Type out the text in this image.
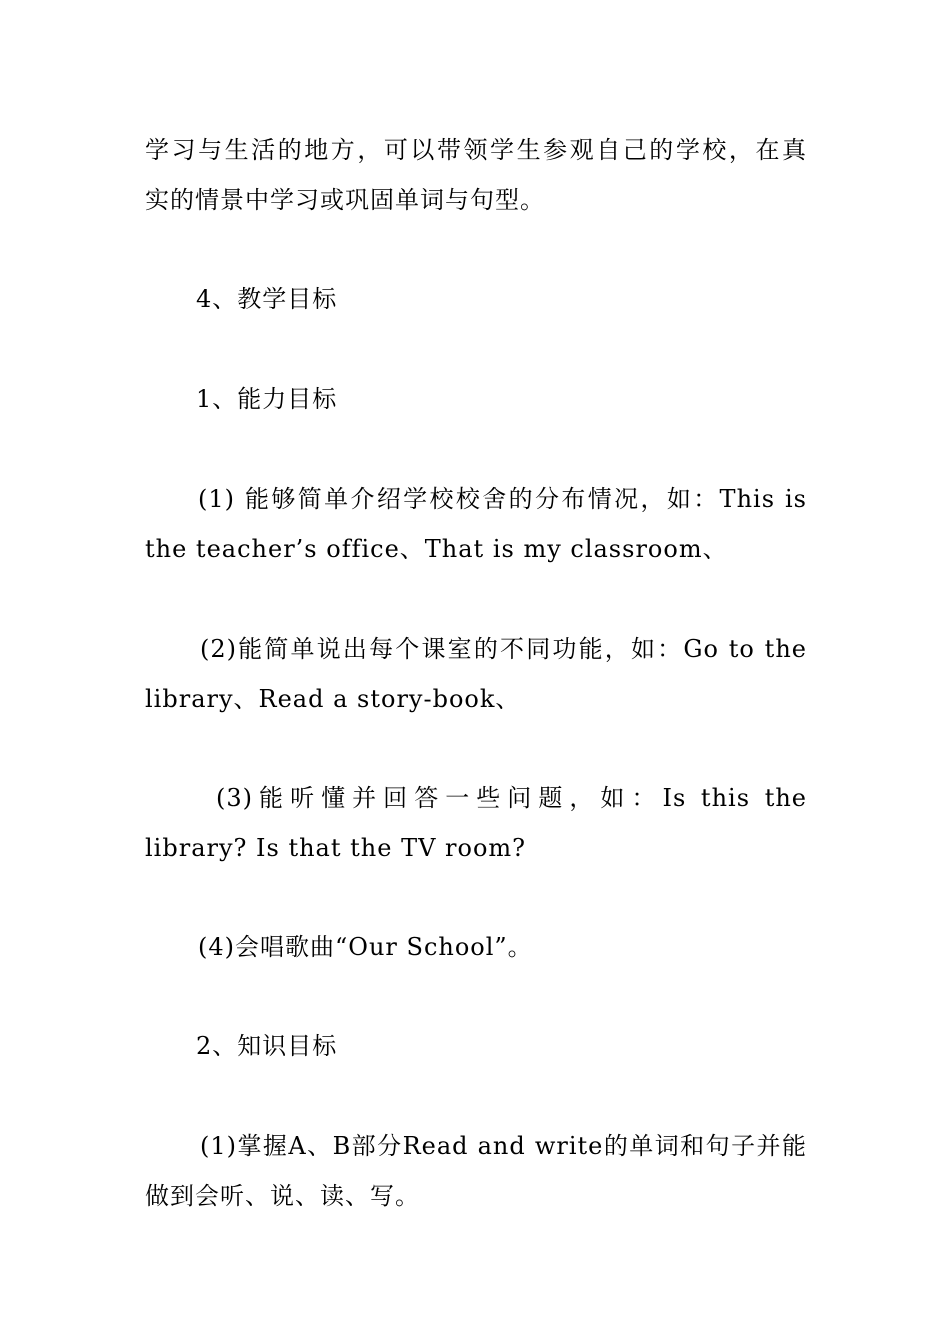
学习与生活的地方，可以带领学生参观自己的学校，在真
实的情景中学习或巩固单词与句型。
4、教学目标
1、能力目标
(1) 能够简单介绍学校校舍的分布情况，如：This is
the teacher’s office、That is my classroom、
(2)能简单说出每个课室的不同功能，如：Go to the
library、Read a story-book、
(3)能听懂并回答一些问题，如：Is this the
library? Is that the TV room?
(4)会唱歌曲“Our School”。
2、知识目标
(1)掌握A、B部分Read and write的单词和句子并能
做到会听、说、读、写。
